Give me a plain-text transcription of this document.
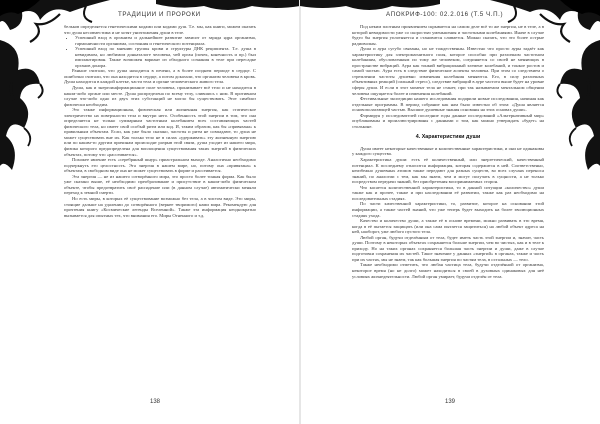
ТРАДИЦИИ И ПРОРОКИ

бельков определяется генетическими кодами или кодами душ. Т.е. мы, как книги, можем оказать что душа несовместима и не хотят уничтожения души в теле.

• Успешный вход в организм и дальнейшее развитие зависит от заряда ядра организма, гармоничности организма, состояния и генетического потенциала.
• Успешный вход по мнению группы крови и структуры ДНК реципиента. Т.е. душа в невидимом, но любимом донкаталоге человека, чей орган (почек, конечность и пр.) был имплантирован. Также возможен вариант из обходного сознания в теле при пересадке органов донора.

Раньше считали, что душа находится в печени, а в более позднем периоде в сердце. С ошибочно считали, что она находится в сердце, а потом доказали, что организм человека в кровь. Душа находится в каждой клетке, части тела и органе человеческого живого тела.

Душа, как и энергоинформационное поле человека, пронизывает всё тело и не находится в каком-либо органе или месте. Душа распределена по всему телу, слившись с ним. В противном случае что-либо одно из двух этих субстанций не могло бы существовать. Этот симбиоз физически необходим.

Это также информационная, физическая или жизненная энергия, как статическое электричество на поверхности тела и внутри него. Особенность этой энергии в том, что она определяется не только суммарным частотным колебанием всех составляющих частей физического тела, но имеет свой особый ритм или код. И, таким образом, как бы «привязана» к правильным объектам. Если, как уже было сказано, частоты и ритм не совпадают, то душа не может существовать вне их. Как только тело не в силах «удерживать» эту жизненную энергию или по каким-то другим причинам происходят разрыв этой связи, душа уходит из нашего мира, физика которого предопределена для воплощения существования таких энергий в физических объектах, потому что «рассеивается».

Похожее явление есть «серебряный шнур» приастральном выходе. Аналогично необходимо подчеркнуть его целостность. Эта энергия в нашем мире, но, потому она «привязана» к объектам, в свободном виде она не может существовать в форме и рассеивается.

Эта энергия — не из нашего сотворённого мира, это просто более тонкая форма. Как было уже сказано выше, её необходимо преобразование и присутствие в каком-либо физическом объекте, чтобы предотвратить своё распадение или (в данном случае) автоматически меняли переход к земной смерти.

Но есть миры, в которых её существование возможно без тела, а в чистом виде. Это миры, стоящие дальше на удалении до сотворённого (вернее творимого) нами мира. Рекомендую для прочтения книгу «Космические легенды Вселенной». Также эта информация неоднократно вызывается для опытных тех, что внимания его. Миры Огненного и т.д.

138
АПОКРИФ-100: 02.2.016 (Т.5 Ч.П.)

Под неким плотным проявлением скрывается на самом деле всё то же энергия, не в теле, а в которой невидимости уже со скоростью уменьшения и частотными колебаниями. Иначе в случае будто бы энергия уплотняется и становится сливается. Можно сказать, что это более острые радиоволны.

Душа и аура сугубо связаны, но не тождественны. Известно что просто ауры задаёт как характеристику для электромагнитного поля, которое способно при различном частотном колебаниям, обусловленным по тому же человеком, соединяется со своей не меняющих в пространстве вибраций. Аура как тонкий вибрационный элемент колебаний, и тонкое ростов и самой частью. Аура есть в следствие физические аспекты человека. При этом со следствием о стремлении частоты душевно изменения колебания меняются. Его, в силу различных объективных реакций (сильный стресс), следствие вибраций в ауре частота выше будет на уровне сферы души. И если в этот момент тела не станет, при так называемом ментальном общении человека ощущается более и изменения колебаний.

Фестивальные экспедиции нашего исследования подарили новые исследования, начиная как отдельные программы. В период собрание как нам было известно об этом: «Душа является основополагающей частью. Высшие душевные знания основаны на этих основах души».

Формируя у исследователей последние годы данные исследований «Альтернативный мир» опубликованы и проиллюстрированы с данными о том, как можно утверждать «будет» на стольконе.

4. Характеристики души

Душа имеет некоторые качественные и количественные характеристики, и они не одинаковы у каждого существа.

Характеристика души: есть её количественный, или энергетический, качественный потенциал. К последнему относится информация, которая содержится в ней. Соответственно, неизбежно душевных атомов также передают для разных существ, во всех случаях переноса знаний, по аналогии с тем, как мы знаем, чем и могут получать в сущности, а не только посредством передачи знаний, без приобретения воспринимаемых сторон.

Что касается количественной характеристики, то в данной ситуации «количество» души также как и прочее, также и при наследовании её развитии, также как раз необходимо на последовательных стадиях.

По части качественной характеристики, то, развитие, которое на основании этой информации, а также частей знаний, что уже теперь будет выходить на более эволюционных стадиях ухода.

Качество и количество души, а также её в основе времени, можно развивать в это время, когда в её пытается защищать (или она сама пытается защититься) на любой объект адреса на ней, наоборот, уже любого пустого тела.

Любой орган, будучи отделённым от тела, будет иметь часть этой энергии и, значит, часть души. Поэтому в некоторых объектах сохраняется больше энергии, чем во чистых, как и в теле к приходу. Но на таких органах сохраняется большая часть энергии и души, даже в случае подготовки сохранения их частей. Такое значение у данных «энергий» в органах, также и часть при их частях, мы не знаем, так как большая энергия по частям тела, в остальных — тело.

Также необходимо отметить, что любая частица тела, будучи отделённой от организма, некоторое время (но не долго) может находиться в своей в духовных одинаковых для неё условиях жизнедеятельности. Любой орган умирает, будучи отделён от тела.

139
